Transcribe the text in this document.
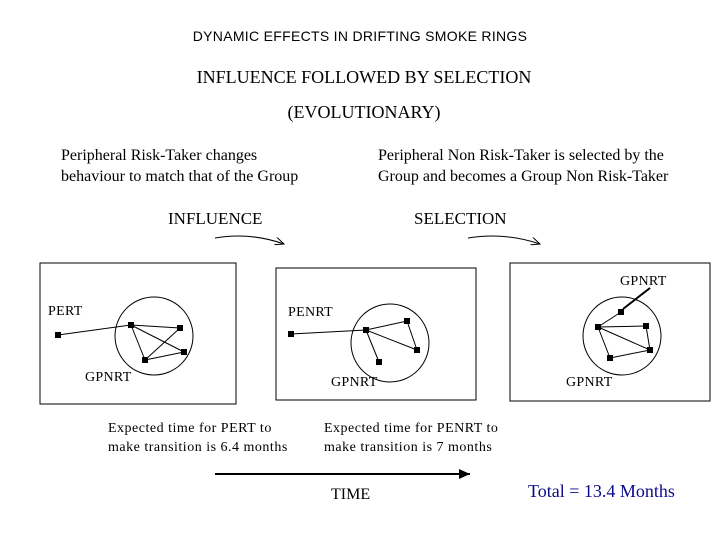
DYNAMIC EFFECTS IN DRIFTING SMOKE RINGS
INFLUENCE FOLLOWED BY SELECTION
(EVOLUTIONARY)
Peripheral Risk-Taker changes
behaviour to match that of the Group
Peripheral Non Risk-Taker is selected by the
Group and becomes a Group Non Risk-Taker
INFLUENCE	SELECTION
PERT
GPNRT
PENRT
GPNRT
GPNRT
GPNRT
Expected time for PERT to
make transition is 6.4 months
Expected time for PENRT to
make transition is 7 months
TIME	Total = 13.4 Months
